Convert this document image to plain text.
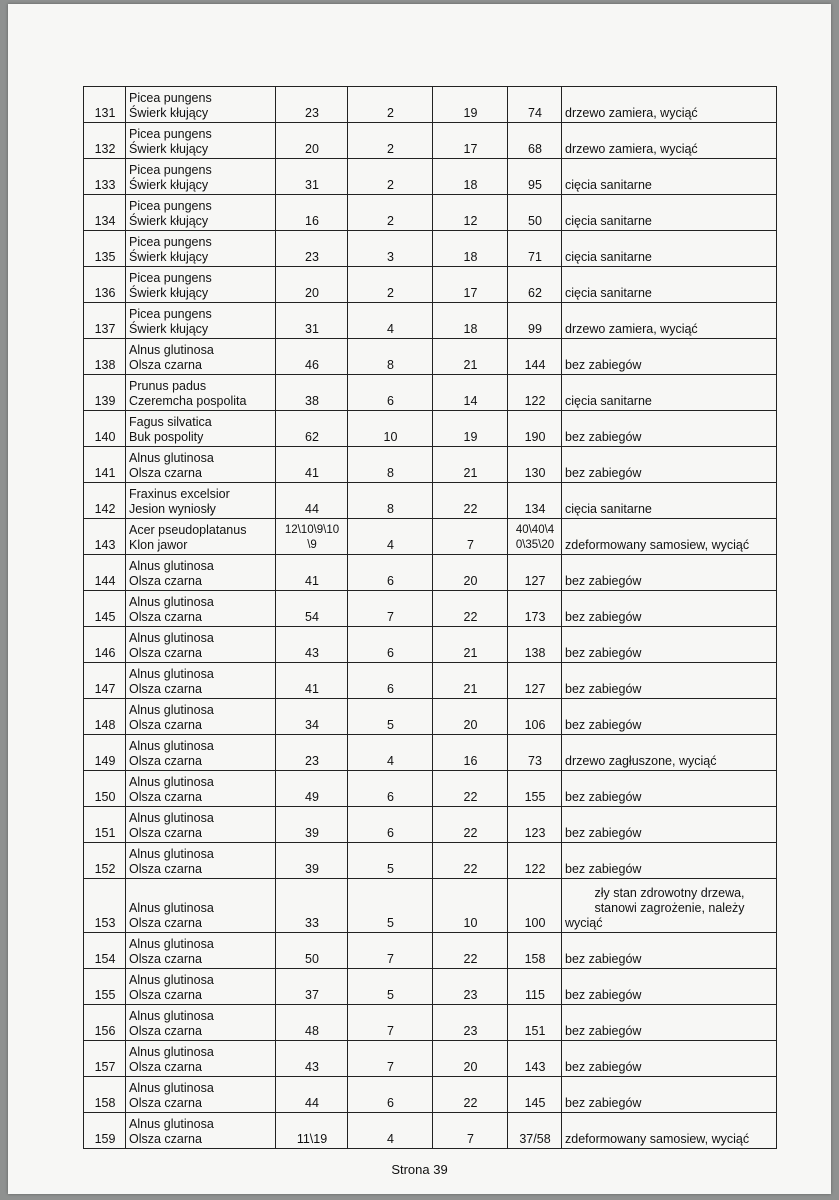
131	Picea pungens
Świerk kłujący	23	2	19	74	drzewo zamiera, wyciąć
132	Picea pungens
Świerk kłujący	20	2	17	68	drzewo zamiera, wyciąć
133	Picea pungens
Świerk kłujący	31	2	18	95	cięcia sanitarne
134	Picea pungens
Świerk kłujący	16	2	12	50	cięcia sanitarne
135	Picea pungens
Świerk kłujący	23	3	18	71	cięcia sanitarne
136	Picea pungens
Świerk kłujący	20	2	17	62	cięcia sanitarne
137	Picea pungens
Świerk kłujący	31	4	18	99	drzewo zamiera, wyciąć
138	Alnus glutinosa
Olsza czarna	46	8	21	144	bez zabiegów
139	Prunus padus
Czeremcha pospolita	38	6	14	122	cięcia sanitarne
140	Fagus silvatica
Buk pospolity	62	10	19	190	bez zabiegów
141	Alnus glutinosa
Olsza czarna	41	8	21	130	bez zabiegów
142	Fraxinus excelsior
Jesion wyniosły	44	8	22	134	cięcia sanitarne
143	Acer pseudoplatanus
Klon jawor	12\10\9\10
\9	4	7	40\40\4
0\35\20	zdeformowany samosiew, wyciąć
144	Alnus glutinosa
Olsza czarna	41	6	20	127	bez zabiegów
145	Alnus glutinosa
Olsza czarna	54	7	22	173	bez zabiegów
146	Alnus glutinosa
Olsza czarna	43	6	21	138	bez zabiegów
147	Alnus glutinosa
Olsza czarna	41	6	21	127	bez zabiegów
148	Alnus glutinosa
Olsza czarna	34	5	20	106	bez zabiegów
149	Alnus glutinosa
Olsza czarna	23	4	16	73	drzewo zagłuszone, wyciąć
150	Alnus glutinosa
Olsza czarna	49	6	22	155	bez zabiegów
151	Alnus glutinosa
Olsza czarna	39	6	22	123	bez zabiegów
152	Alnus glutinosa
Olsza czarna	39	5	22	122	bez zabiegów
153	Alnus glutinosa
Olsza czarna	33	5	10	100	zły stan zdrowotny drzewa,
stanowi zagrożenie, należy
wyciąć

154	Alnus glutinosa
Olsza czarna	50	7	22	158	bez zabiegów
155	Alnus glutinosa
Olsza czarna	37	5	23	115	bez zabiegów
156	Alnus glutinosa
Olsza czarna	48	7	23	151	bez zabiegów
157	Alnus glutinosa
Olsza czarna	43	7	20	143	bez zabiegów
158	Alnus glutinosa
Olsza czarna	44	6	22	145	bez zabiegów
159	Alnus glutinosa
Olsza czarna	11\19	4	7	37/58	zdeformowany samosiew, wyciąć
Strona 39
